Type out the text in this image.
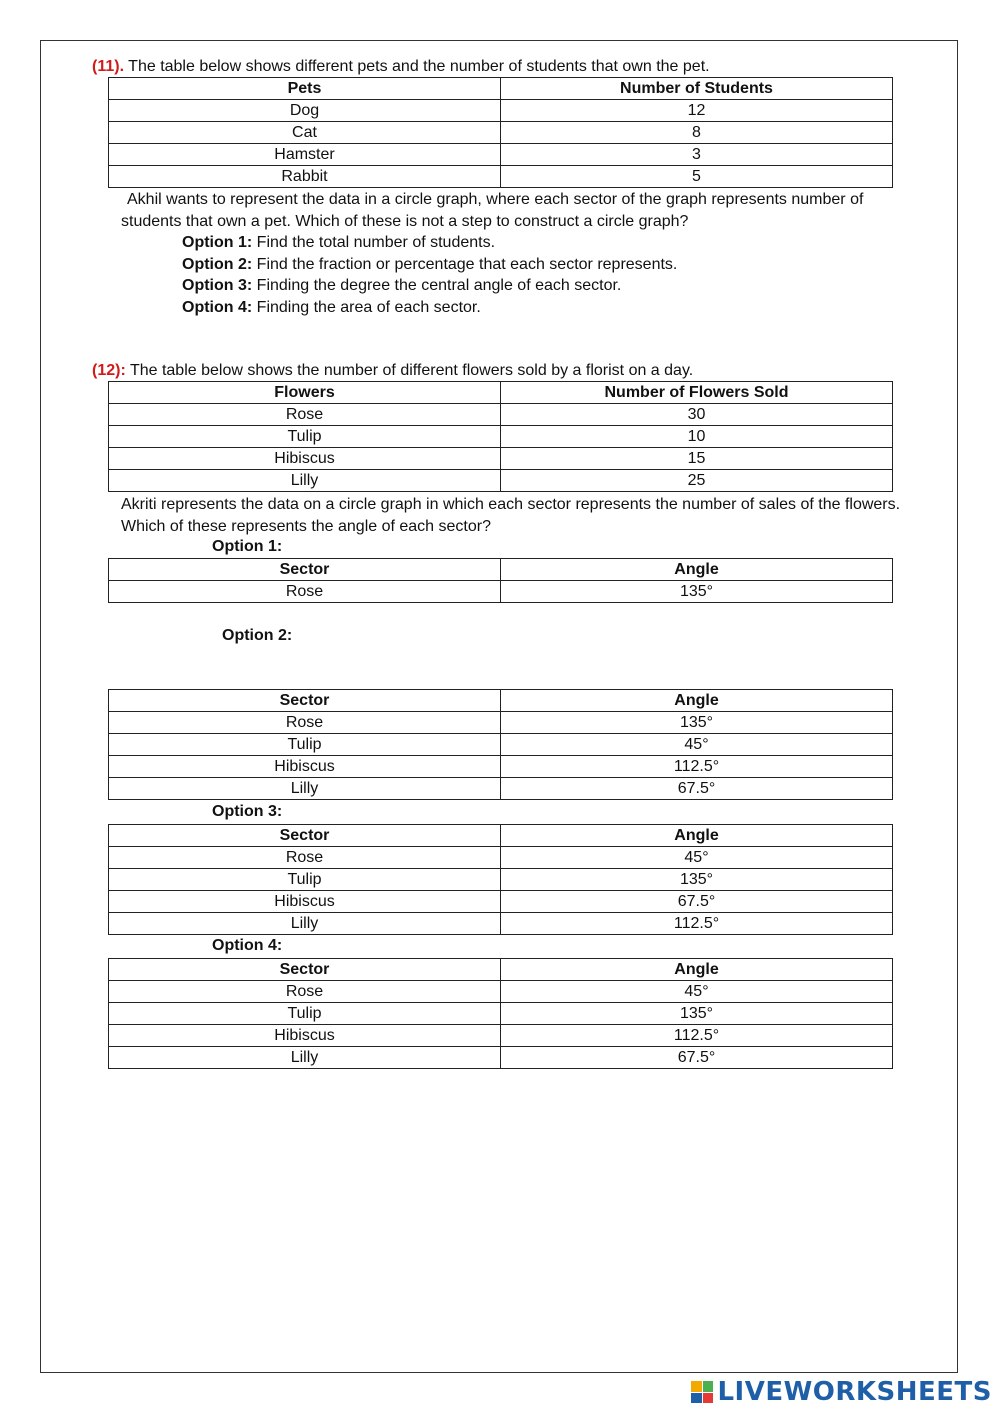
(11). The table below shows different pets and the number of students that own the pet.
Pets	Number of Students
Dog	12
Cat	8
Hamster	3
Rabbit	5
Akhil wants to represent the data in a circle graph, where each sector of the graph represents number of students that own a pet. Which of these is not a step to construct a circle graph?
Option 1: Find the total number of students.
Option 2: Find the fraction or percentage that each sector represents.
Option 3: Finding the degree the central angle of each sector.
Option 4: Finding the area of each sector.
(12): The table below shows the number of different flowers sold by a florist on a day.
Flowers	Number of Flowers Sold
Rose	30
Tulip	10
Hibiscus	15
Lilly	25
Akriti represents the data on a circle graph in which each sector represents the number of sales of the flowers. Which of these represents the angle of each sector?
Option 1:
Sector	Angle
Rose	135°
Option 2:
Sector	Angle
Rose	135°
Tulip	45°
Hibiscus	112.5°
Lilly	67.5°
Option 3:
Sector	Angle
Rose	45°
Tulip	135°
Hibiscus	67.5°
Lilly	112.5°
Option 4:
Sector	Angle
Rose	45°
Tulip	135°
Hibiscus	112.5°
Lilly	67.5°
LIVEWORKSHEETS
